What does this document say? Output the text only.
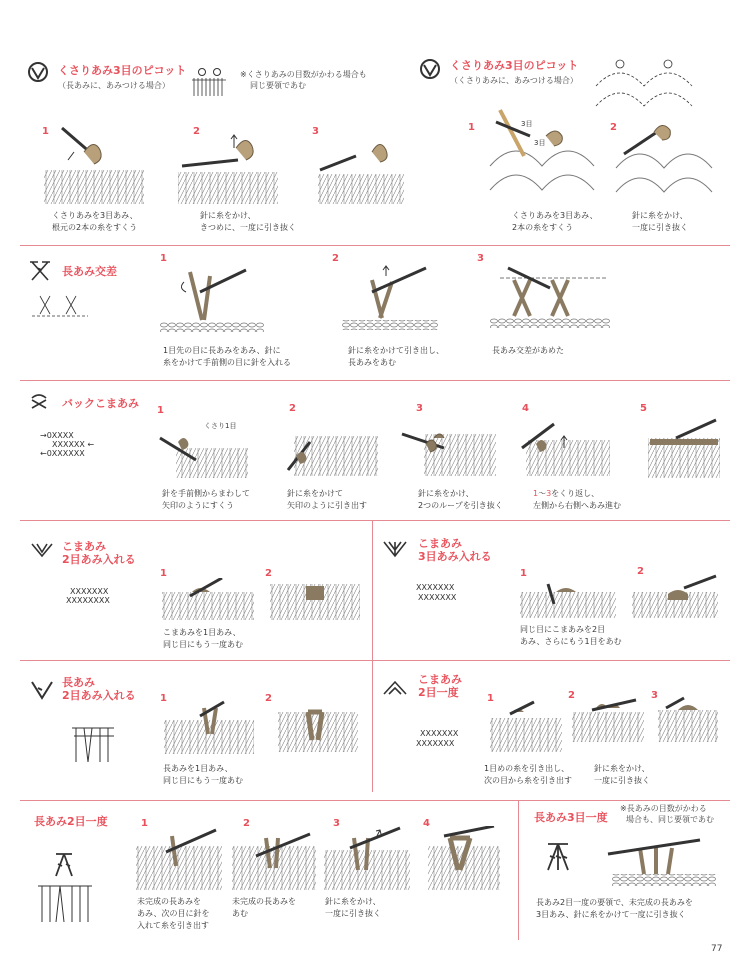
くさりあみ3目のピコット
（長あみに、あみつける場合）
※くさりあみの目数がかわる場合も
同じ要領であむ
1
くさりあみを3目あみ、
根元の2本の糸をすくう
2
針に糸をかけ、
きつめに、一度に引き抜く
3
くさりあみ3目のピコット
（くさりあみに、あみつける場合）
1	3目
3目
くさりあみを3目あみ、
2本の糸をすくう
2
針に糸をかけ、
一度に引き抜く
長あみ交差
1
1目先の目に長あみをあみ、針に
糸をかけて手前側の目に針を入れる
2
針に糸をかけて引き出し、
長あみをあむ
3
長あみ交差があめた
バックこまあみ
→0XXXX
XXXXXX ←
←0XXXXXX
1
くさり1目
針を手前側からまわして
矢印のようにすくう
2
針に糸をかけて
矢印のように引き出す
3
針に糸をかけ、
2つのループを引き抜く
4
1〜3をくり返し、
左側から右側へあみ進む
5
こまあみ
2目あみ入れる
XXXXXXX
XXXXXXXX
1
こまあみを1目あみ、
同じ目にもう一度あむ
2
こまあみ
3目あみ入れる
XXXXXXX
XXXXXXX
1
同じ目にこまあみを2目
あみ、さらにもう1目をあむ
2
長あみ
2目あみ入れる 1
長あみを1目あみ、
同じ目にもう一度あむ
2
こまあみ
2目一度
XXXXXXX
XXXXXXX
1
1目めの糸を引き出し、
次の目から糸を引き出す
2
針に糸をかけ、
一度に引き抜く
3
長あみ2目一度	1
未完成の長あみを
あみ、次の目に針を
入れて糸を引き出す
2
未完成の長あみを
あむ
3
針に糸をかけ、
一度に引き抜く
4	長あみ3目一度
※長あみの目数がかわる
場合も、同じ要領であむ
長あみ2目一度の要領で、未完成の長あみを
3目あみ、針に糸をかけて一度に引き抜く
77
